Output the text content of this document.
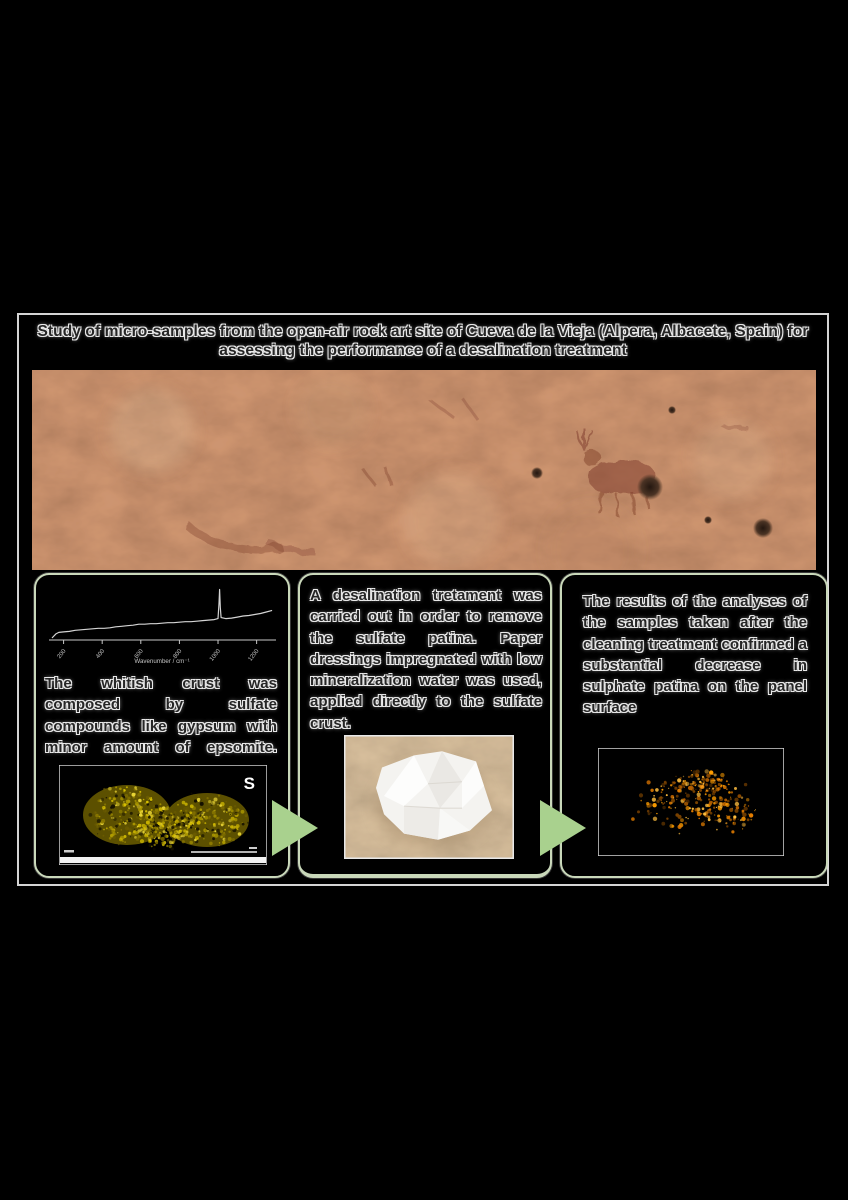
Study of micro-samples from the open-air rock art site of Cueva de la Vieja (Alpera, Albacete, Spain) for assessing the performance of a desalination treatment
200	400	600	800	1000	1200
Wavenumber / cm⁻¹

The whitish crust was composed by sulfate compounds like gypsum with minor amount of epsomite.

S

A desalination tretament was carried out in order to remove the sulfate patina. Paper dressings impregnated with low mineralization water was used, applied directly to the sulfate crust.

The results of the analyses of the samples taken after the cleaning treatment confirmed a substantial decrease in sulphate patina on the panel surface
